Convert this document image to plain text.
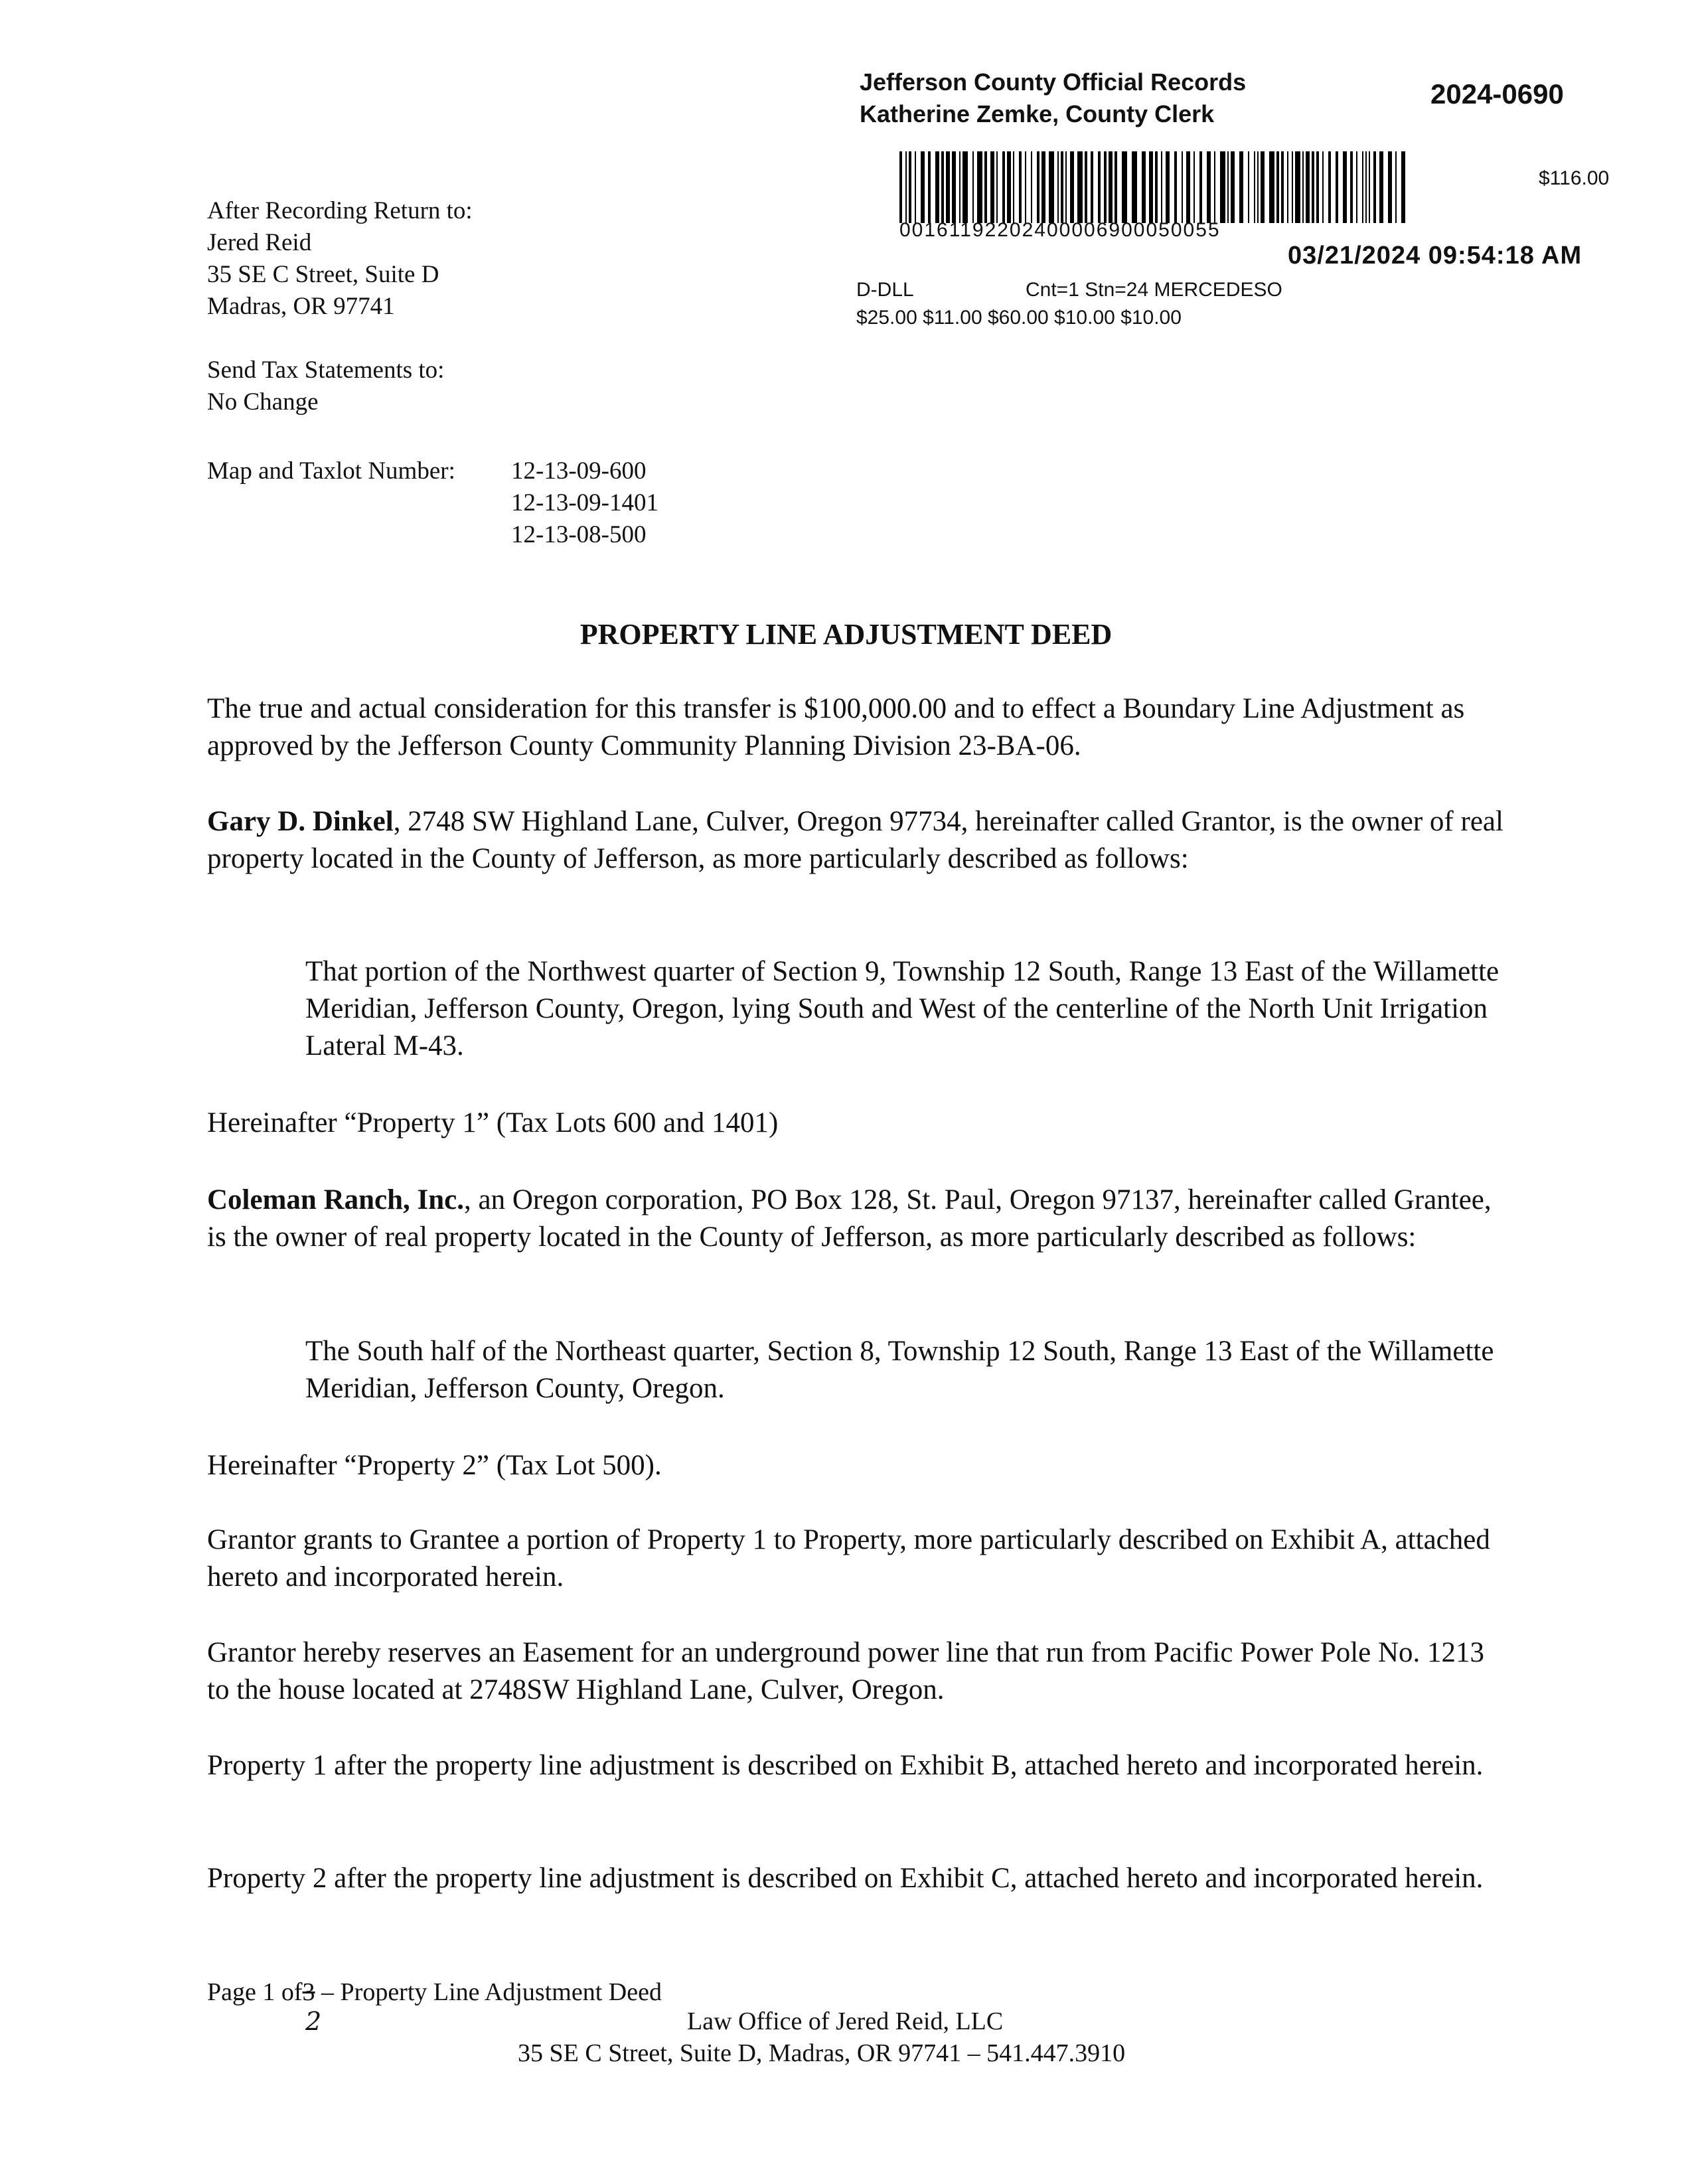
Jefferson County Official Records
Katherine Zemke, County Clerk
2024-0690
$116.00
00161192202400006900050055
03/21/2024 09:54:18 AM
D-DLL	Cnt=1 Stn=24 MERCEDESO
$25.00 $11.00 $60.00 $10.00 $10.00
After Recording Return to:
Jered Reid
35 SE C Street, Suite D
Madras, OR 97741
Send Tax Statements to:
No Change
Map and Taxlot Number: 12-13-09-600
12-13-09-1401
12-13-08-500
PROPERTY LINE ADJUSTMENT DEED
The true and actual consideration for this transfer is $100,000.00 and to effect a Boundary Line Adjustment as approved by the Jefferson County Community Planning Division 23-BA-06.
Gary D. Dinkel, 2748 SW Highland Lane, Culver, Oregon 97734, hereinafter called Grantor, is the owner of real property located in the County of Jefferson, as more particularly described as follows:
That portion of the Northwest quarter of Section 9, Township 12 South, Range 13 East of the Willamette Meridian, Jefferson County, Oregon, lying South and West of the centerline of the North Unit Irrigation Lateral M-43.
Hereinafter “Property 1” (Tax Lots 600 and 1401)
Coleman Ranch, Inc., an Oregon corporation, PO Box 128, St. Paul, Oregon 97137, hereinafter called Grantee, is the owner of real property located in the County of Jefferson, as more particularly described as follows:
The South half of the Northeast quarter, Section 8, Township 12 South, Range 13 East of the Willamette Meridian, Jefferson County, Oregon.
Hereinafter “Property 2” (Tax Lot 500).
Grantor grants to Grantee a portion of Property 1 to Property, more particularly described on Exhibit A, attached hereto and incorporated herein.
Grantor hereby reserves an Easement for an underground power line that run from Pacific Power Pole No. 1213 to the house located at 2748SW Highland Lane, Culver, Oregon.
Property 1 after the property line adjustment is described on Exhibit B, attached hereto and incorporated herein.
Property 2 after the property line adjustment is described on Exhibit C, attached hereto and incorporated herein.
Page 1 of3 – Property Line Adjustment Deed
2	Law Office of Jered Reid, LLC
35 SE C Street, Suite D, Madras, OR 97741 – 541.447.3910
